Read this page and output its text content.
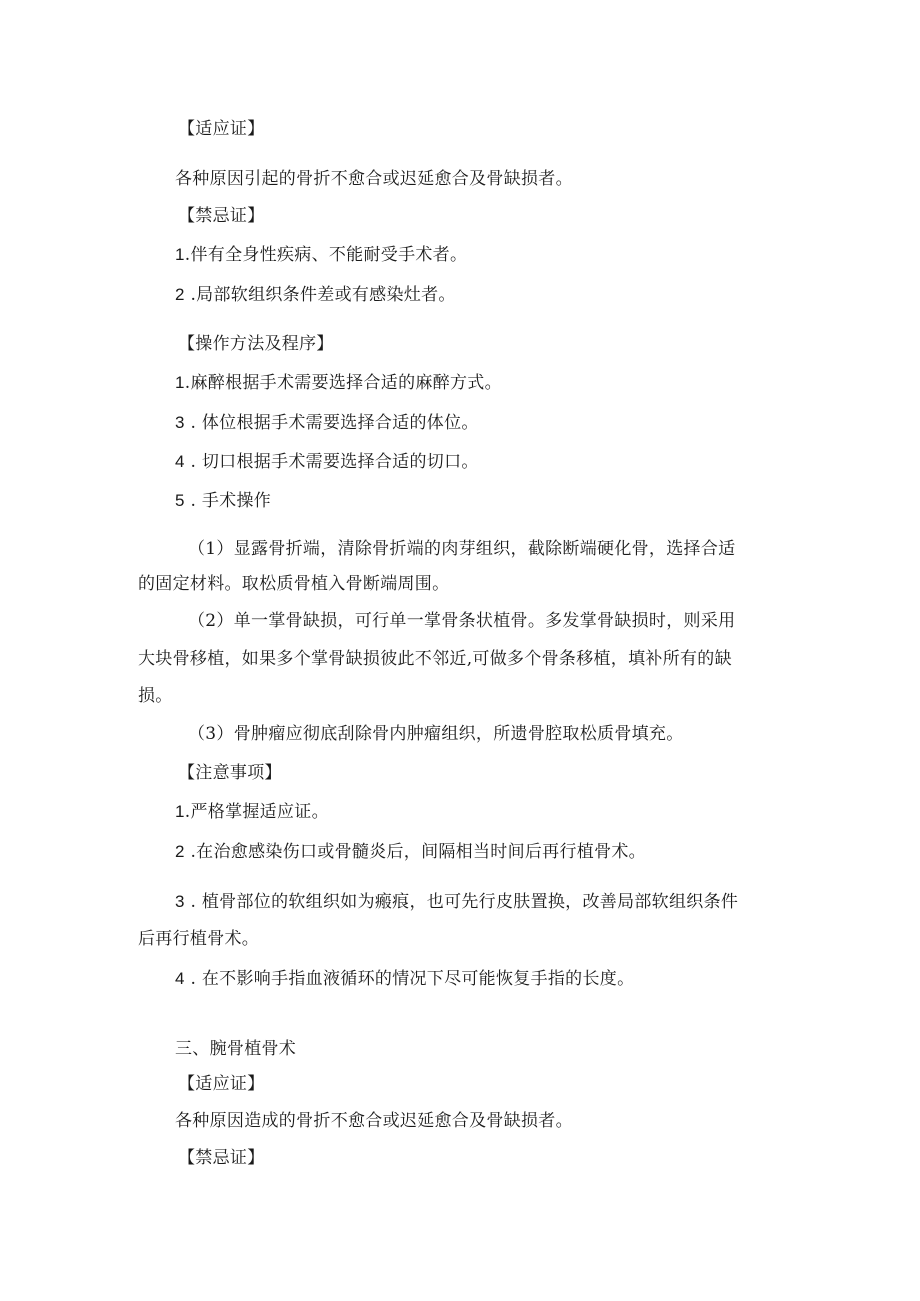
【适应证】
各种原因引起的骨折不愈合或迟延愈合及骨缺损者。
【禁忌证】
1.伴有全身性疾病、不能耐受手术者。
2 .局部软组织条件差或有感染灶者。
【操作方法及程序】
1.麻醉根据手术需要选择合适的麻醉方式。
3 . 体位根据手术需要选择合适的体位。
4 . 切口根据手术需要选择合适的切口。
5 . 手术操作
（1）显露骨折端，清除骨折端的肉芽组织，截除断端硬化骨，选择合适
的固定材料。取松质骨植入骨断端周围。
（2）单一掌骨缺损，可行单一掌骨条状植骨。多发掌骨缺损时，则采用
大块骨移植，如果多个掌骨缺损彼此不邻近,可做多个骨条移植，填补所有的缺
损。
（3）骨肿瘤应彻底刮除骨内肿瘤组织，所遗骨腔取松质骨填充。
【注意事项】
1.严格掌握适应证。
2 .在治愈感染伤口或骨髓炎后，间隔相当时间后再行植骨术。
3 . 植骨部位的软组织如为瘢痕，也可先行皮肤置换，改善局部软组织条件
后再行植骨术。
4 . 在不影响手指血液循环的情况下尽可能恢复手指的长度。
三、腕骨植骨术
【适应证】
各种原因造成的骨折不愈合或迟延愈合及骨缺损者。
【禁忌证】
